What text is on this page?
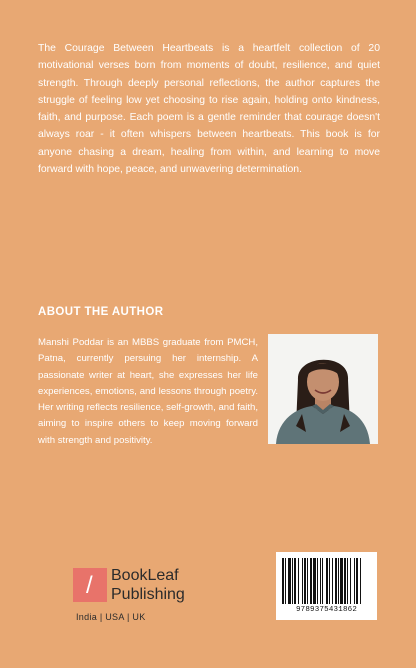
The Courage Between Heartbeats is a heartfelt collection of 20 motivational verses born from moments of doubt, resilience, and quiet strength. Through deeply personal reflections, the author captures the struggle of feeling low yet choosing to rise again, holding onto kindness, faith, and purpose. Each poem is a gentle reminder that courage doesn't always roar - it often whispers between heartbeats. This book is for anyone chasing a dream, healing from within, and learning to move forward with hope, peace, and unwavering determination.

ABOUT THE AUTHOR

Manshi Poddar is an MBBS graduate from PMCH, Patna, currently persuing her internship. A passionate writer at heart, she expresses her life experiences, emotions, and lessons through poetry. Her writing reflects resilience, self-growth, and faith, aiming to inspire others to keep moving forward with strength and positivity.

/ BookLeaf
Publishing
India | USA | UK
9789375431862
